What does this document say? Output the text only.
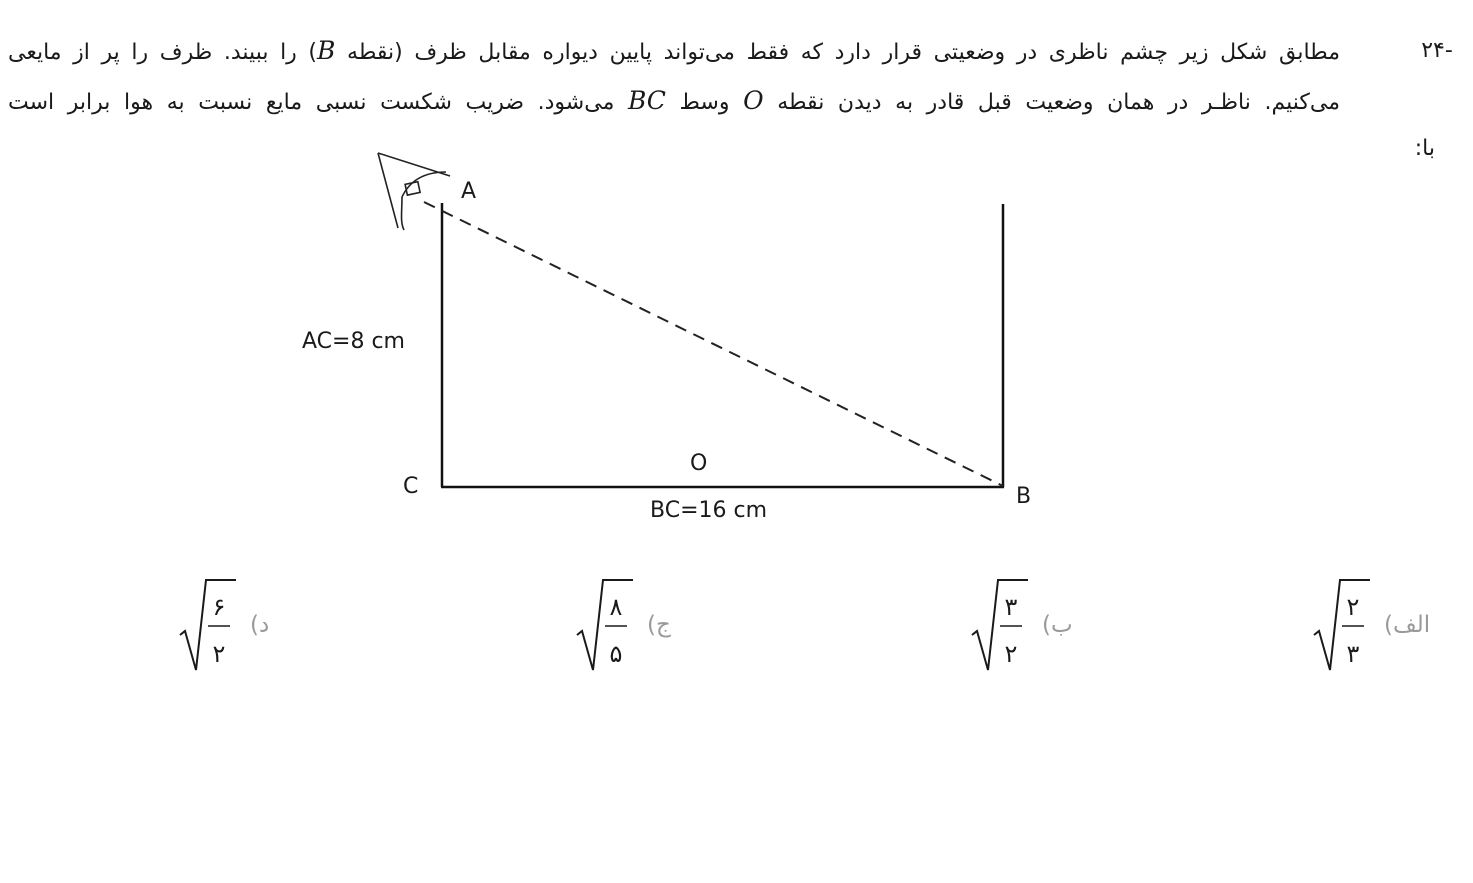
-۲۴
مطابق شکل زیر چشم ناظری در وضعیتی قرار دارد که فقط می‌تواند پایین دیواره مقابل ظرف (نقطه B) را ببیند. ظرف را پر از مایعی
می‌کنیم. ناظـر در همان وضعیت قبل قادر به دیدن نقطه O وسط BC می‌شود. ضریب شکست نسبی مایع نسبت به هوا برابر است
با:
A
C	B
O
AC=8 cm
BC=16 cm
الف)
۲
۳
ب)
۳
۲
ج)
۸
۵
د)
۶
۲
